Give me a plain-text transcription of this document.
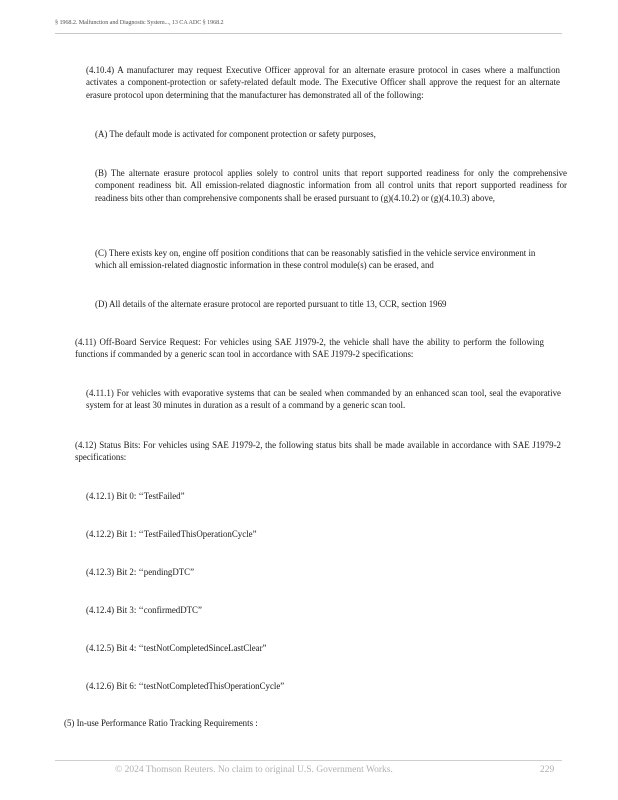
§ 1968.2. Malfunction and Diagnostic System..., 13 CA ADC § 1968.2

(4.10.4) A manufacturer may request Executive Officer approval for an alternate erasure protocol in cases where a malfunction activates a component-protection or safety-related default mode. The Executive Officer shall approve the request for an alternate erasure protocol upon determining that the manufacturer has demonstrated all of the following:

(A) The default mode is activated for component protection or safety purposes,

(B) The alternate erasure protocol applies solely to control units that report supported readiness for only the comprehensive component readiness bit. All emission-related diagnostic information from all control units that report supported readiness for readiness bits other than comprehensive components shall be erased pursuant to (g)(4.10.2) or (g)(4.10.3) above,

(C) There exists key on, engine off position conditions that can be reasonably satisfied in the vehicle service environment in which all emission-related diagnostic information in these control module(s) can be erased, and

(D) All details of the alternate erasure protocol are reported pursuant to title 13, CCR, section 1969

(4.11) Off-Board Service Request: For vehicles using SAE J1979-2, the vehicle shall have the ability to perform the following functions if commanded by a generic scan tool in accordance with SAE J1979-2 specifications:

(4.11.1) For vehicles with evaporative systems that can be sealed when commanded by an enhanced scan tool, seal the evaporative system for at least 30 minutes in duration as a result of a command by a generic scan tool.

(4.12) Status Bits: For vehicles using SAE J1979-2, the following status bits shall be made available in accordance with SAE J1979-2 specifications:

(4.12.1) Bit 0: ‘‘TestFailed”

(4.12.2) Bit 1: ‘‘TestFailedThisOperationCycle”

(4.12.3) Bit 2: ‘‘pendingDTC”

(4.12.4) Bit 3: ‘‘confirmedDTC”

(4.12.5) Bit 4: ‘‘testNotCompletedSinceLastClear”

(4.12.6) Bit 6: ‘‘testNotCompletedThisOperationCycle”

(5) In-use Performance Ratio Tracking Requirements :

© 2024 Thomson Reuters. No claim to original U.S. Government Works.	229
